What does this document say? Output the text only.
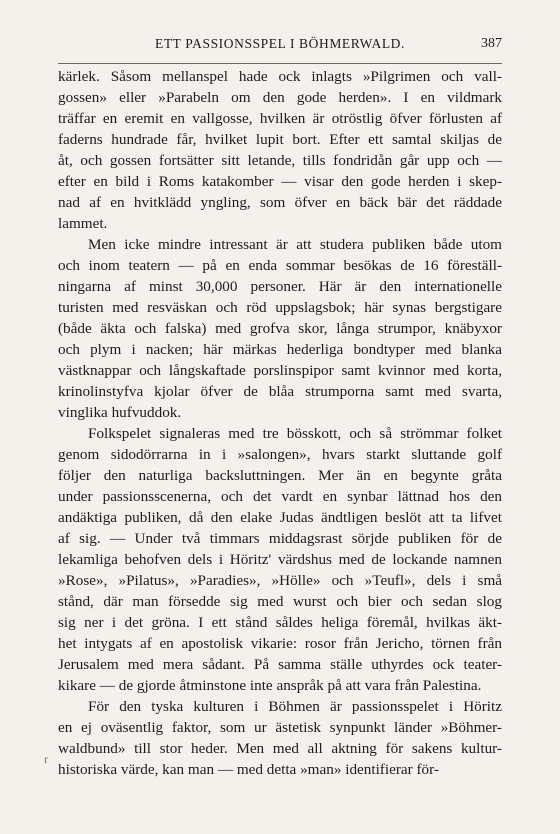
ETT PASSIONSSPEL I BÖHMERWALD.	387
kärlek. Såsom mellanspel hade ock inlagts »Pilgrimen och vall-
gossen» eller »Parabeln om den gode herden». I en vildmark
träffar en eremit en vallgosse, hvilken är otröstlig öfver förlusten af
faderns hundrade får, hvilket lupit bort. Efter ett samtal skiljas de
åt, och gossen fortsätter sitt letande, tills fondridån går upp och —
efter en bild i Roms katakomber — visar den gode herden i skep-
nad af en hvitklädd yngling, som öfver en bäck bär det räddade
lammet.
Men icke mindre intressant är att studera publiken både utom
och inom teatern — på en enda sommar besökas de 16 föreställ-
ningarna af minst 30,000 personer. Här är den internationelle
turisten med resväskan och röd uppslagsbok; här synas bergstigare
(både äkta och falska) med grofva skor, långa strumpor, knäbyxor
och plym i nacken; här märkas hederliga bondtyper med blanka
västknappar och långskaftade porslinspipor samt kvinnor med korta,
krinolinstyfva kjolar öfver de blåa strumporna samt med svarta,
vinglika hufvuddok.
Folkspelet signaleras med tre bösskott, och så strömmar folket
genom sidodörrarna in i »salongen», hvars starkt sluttande golf
följer den naturliga backsluttningen. Mer än en begynte gråta
under passionsscenerna, och det vardt en synbar lättnad hos den
andäktiga publiken, då den elake Judas ändtligen beslöt att ta lifvet
af sig. — Under två timmars middagsrast sörjde publiken för de
lekamliga behofven dels i Höritz' värdshus med de lockande namnen
»Rose», »Pilatus», »Paradies», »Hölle» och »Teufl», dels i små
stånd, där man försedde sig med wurst och bier och sedan slog
sig ner i det gröna. I ett stånd såldes heliga föremål, hvilkas äkt-
het intygats af en apostolisk vikarie: rosor från Jericho, törnen från
Jerusalem med mera sådant. På samma ställe uthyrdes ock teater-
kikare — de gjorde åtminstone inte anspråk på att vara från Palestina.
För den tyska kulturen i Böhmen är passionsspelet i Höritz
en ej oväsentlig faktor, som ur ästetisk synpunkt länder »Böhmer-
waldbund» till stor heder. Men med all aktning för sakens kultur-
historiska värde, kan man — med detta »man» identifierar för-
r
